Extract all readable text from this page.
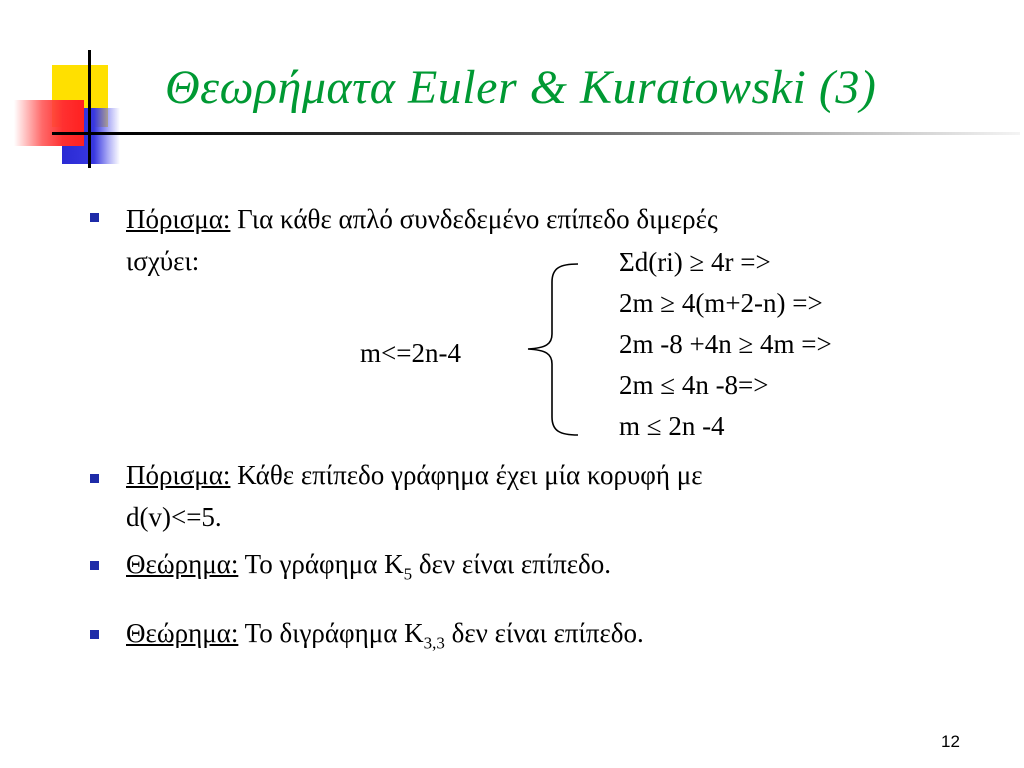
Θεωρήματα Euler & Kuratowski (3)
Πόρισμα: Για κάθε απλό συνδεδεμένο επίπεδο διμερές
ισχύει:
m<=2n-4
Σd(ri) ≥ 4r =>
2m ≥ 4(m+2-n) =>
2m -8 +4n ≥ 4m =>
2m ≤ 4n -8=>
m ≤ 2n -4
Πόρισμα: Κάθε επίπεδο γράφημα έχει μία κορυφή με
d(v)<=5.
Θεώρημα: Το γράφημα $K_5$ δεν είναι επίπεδο.
Θεώρημα: Το διγράφημα $K_{3,3}$ δεν είναι επίπεδο.
12
